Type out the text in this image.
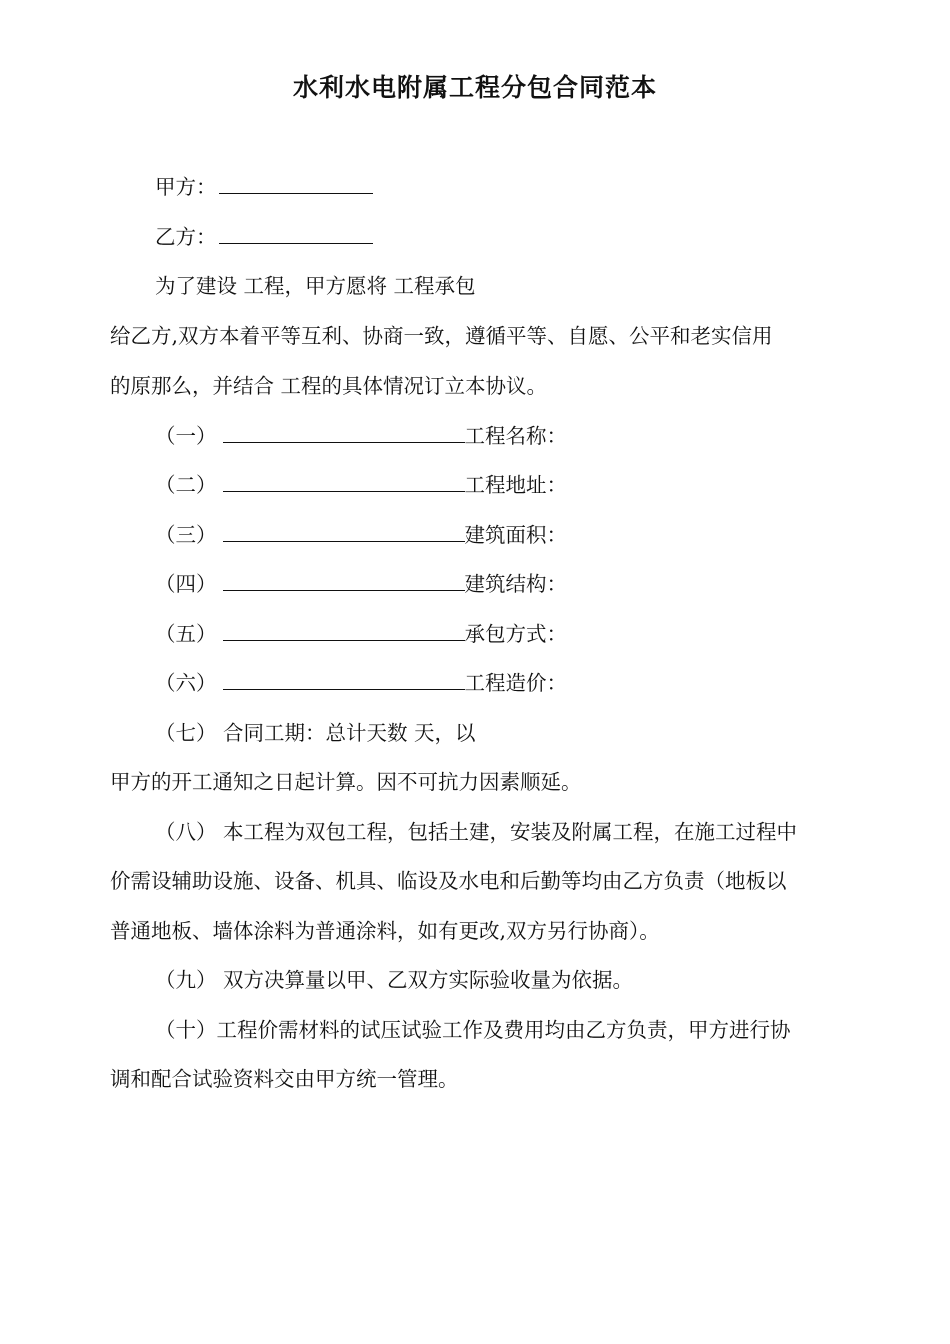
水利水电附属工程分包合同范本
甲方：
乙方：
为了建设 工程，甲方愿将 工程承包
给乙方,双方本着平等互利、协商一致，遵循平等、自愿、公平和老实信用
的原那么，并结合 工程的具体情况订立本协议。
（一）	工程名称：
（二）	工程地址：
（三）	建筑面积：
（四）	建筑结构：
（五）	承包方式：
（六）	工程造价：
（七） 合同工期：总计天数 天，以
甲方的开工通知之日起计算。因不可抗力因素顺延。
（八） 本工程为双包工程，包括土建，安装及附属工程，在施工过程中
价需设辅助设施、设备、机具、临设及水电和后勤等均由乙方负责（地板以
普通地板、墙体涂料为普通涂料，如有更改,双方另行协商）。
（九） 双方决算量以甲、乙双方实际验收量为依据。
（十）工程价需材料的试压试验工作及费用均由乙方负责，甲方进行协
调和配合试验资料交由甲方统一管理。
